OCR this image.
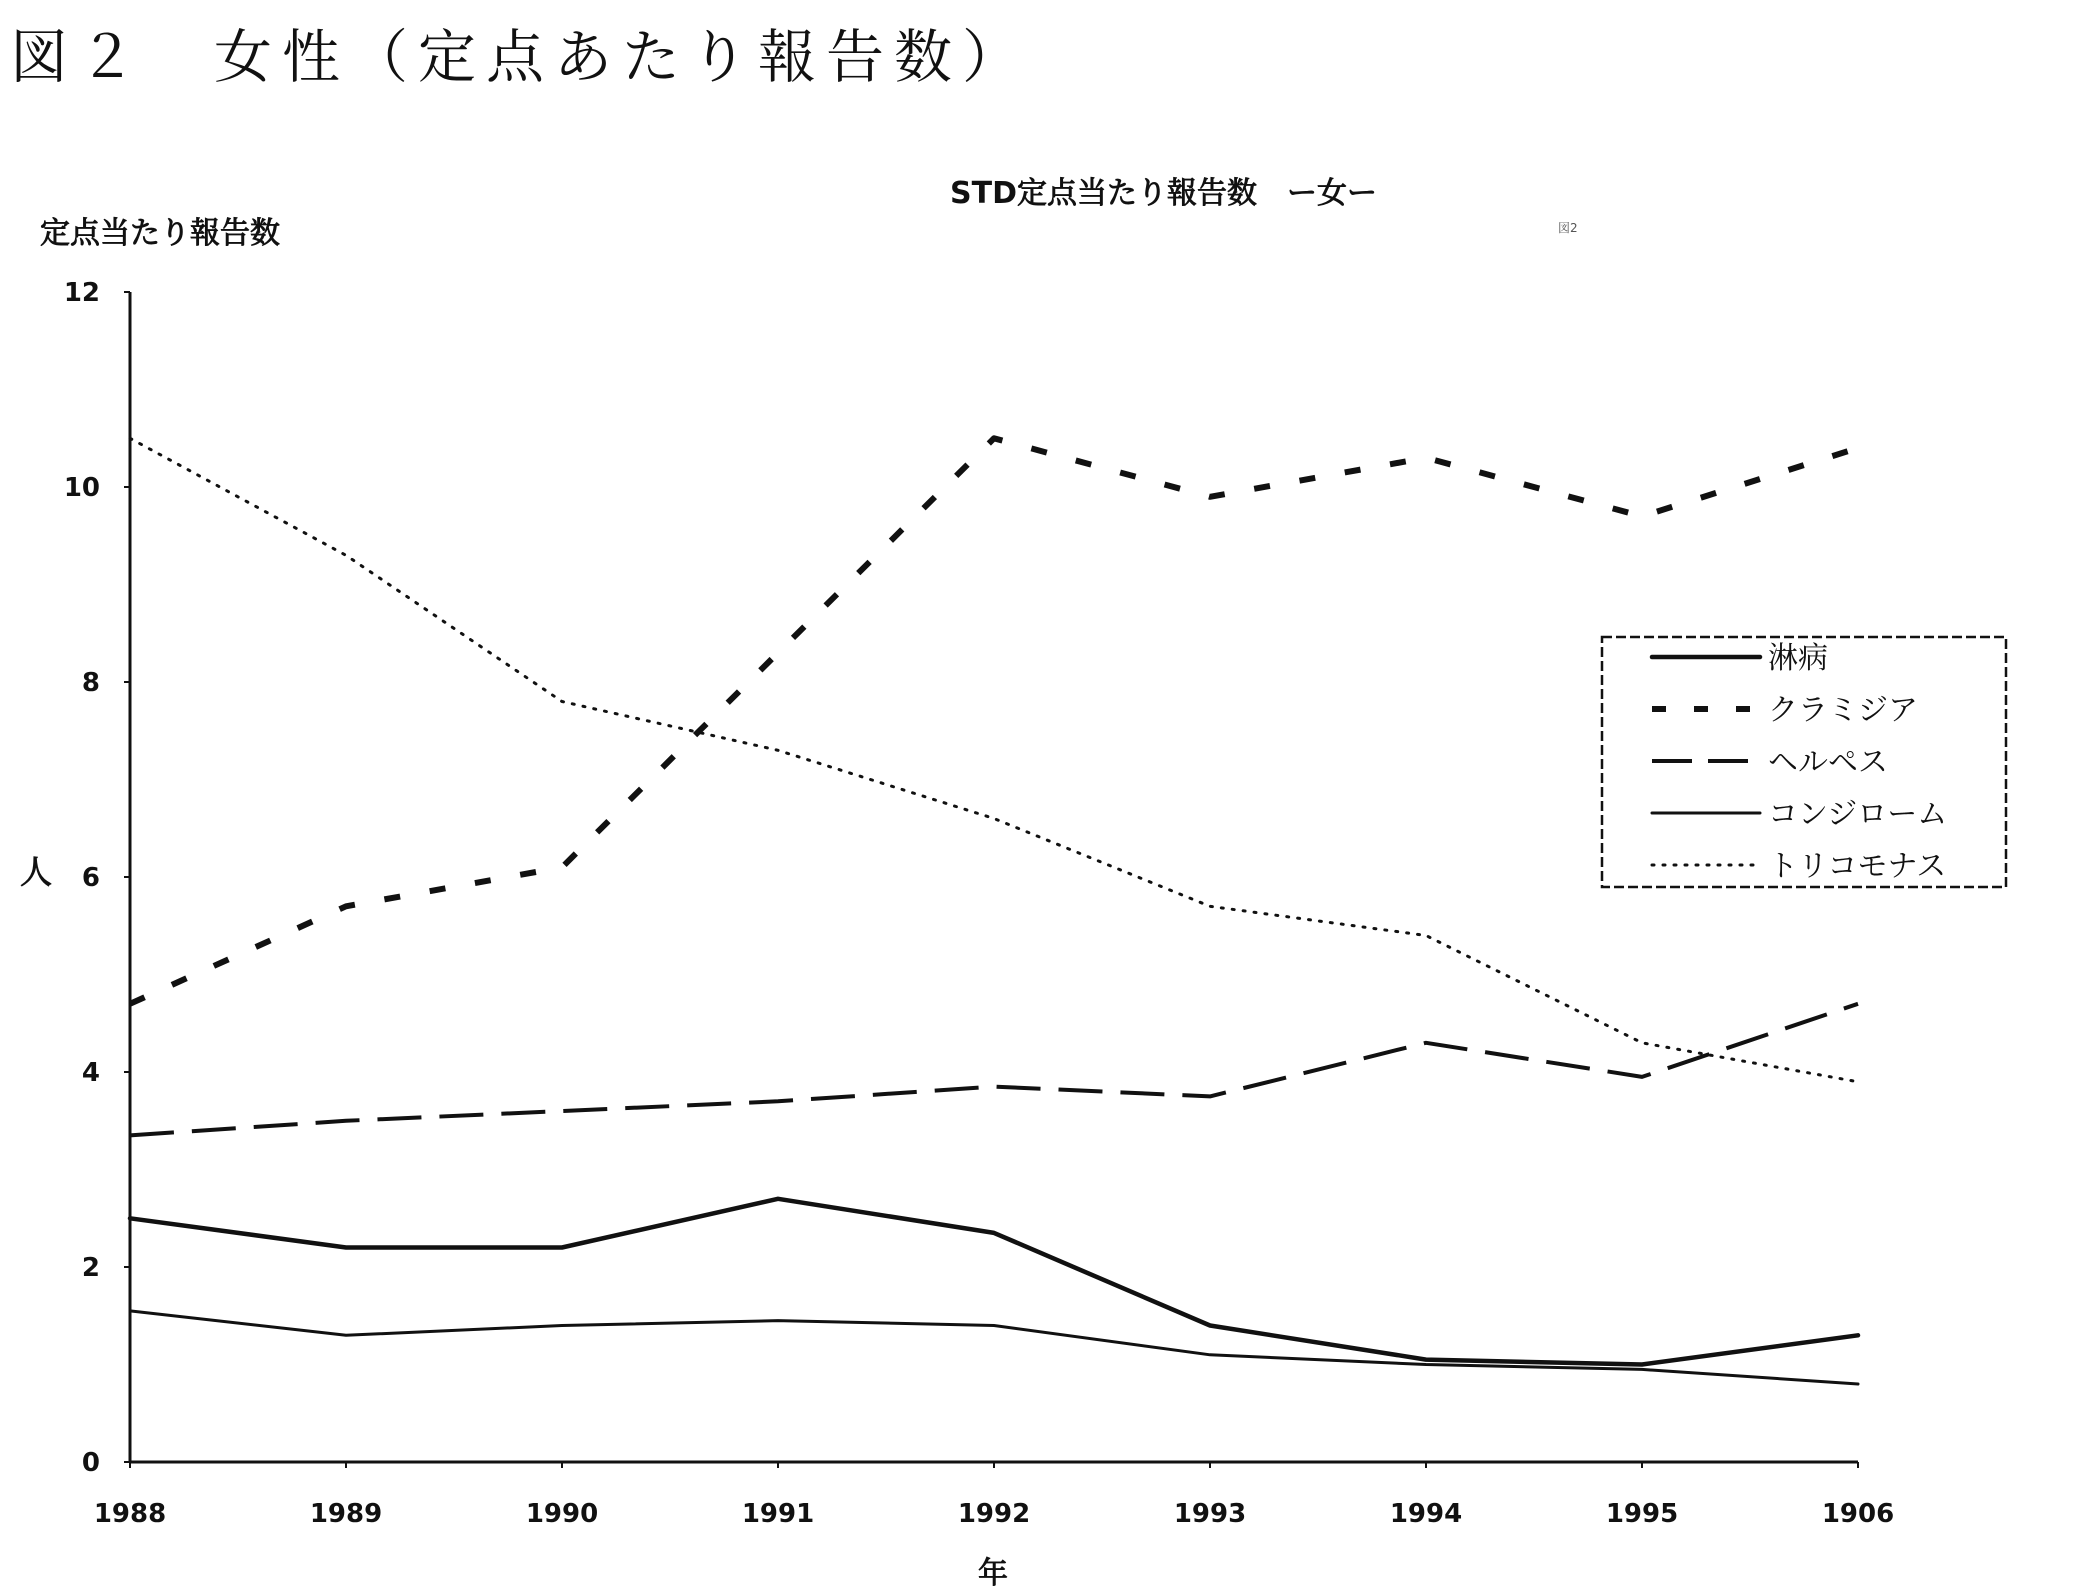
図２　女性（定点あたり報告数）
STD定点当たり報告数　ー女ー
図2
定点当たり報告数
人
年
0
2
4
6
8
10
12
1988	1989	1990	1991	1992	1993	1994	1995	1906
淋病
クラミジア
ヘルペス
コンジローム
トリコモナス
